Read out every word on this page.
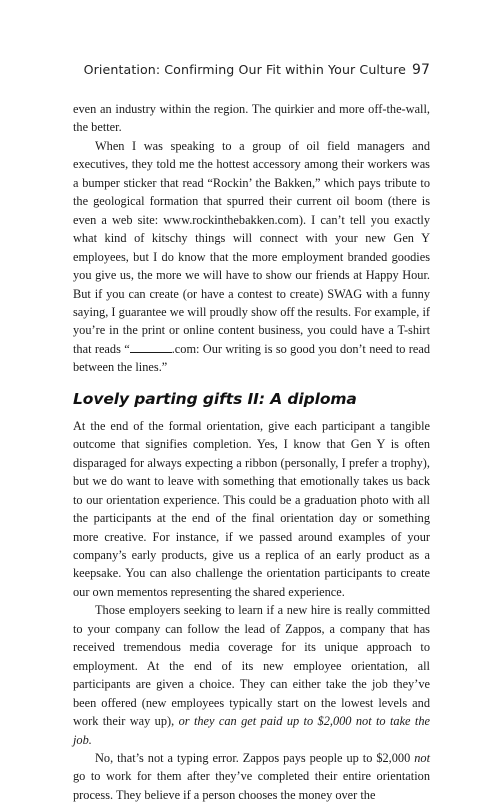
Orientation: Confirming Our Fit within Your Culture 97

even an industry within the region. The quirkier and more off-the-wall, the better.

When I was speaking to a group of oil field managers and executives, they told me the hottest accessory among their workers was a bumper sticker that read “Rockin’ the Bakken,” which pays tribute to the geological formation that spurred their current oil boom (there is even a web site: www.rockinthebakken.com). I can’t tell you exactly what kind of kitschy things will connect with your new Gen Y employees, but I do know that the more employment branded goodies you give us, the more we will have to show our friends at Happy Hour. But if you can create (or have a contest to create) SWAG with a funny saying, I guarantee we will proudly show off the results. For example, if you’re in the print or online content business, you could have a T-shirt that reads “	.com: Our writing is so good you don’t need to read between the lines.”

Lovely parting gifts II: A diploma

At the end of the formal orientation, give each participant a tangible outcome that signifies completion. Yes, I know that Gen Y is often disparaged for always expecting a ribbon (personally, I prefer a trophy), but we do want to leave with something that emotionally takes us back to our orientation experience. This could be a graduation photo with all the participants at the end of the final orientation day or something more creative. For instance, if we passed around examples of your company’s early products, give us a replica of an early product as a keepsake. You can also challenge the orientation participants to create our own mementos representing the shared experience.

Those employers seeking to learn if a new hire is really committed to your company can follow the lead of Zappos, a company that has received tremendous media coverage for its unique approach to employment. At the end of its new employee orientation, all participants are given a choice. They can either take the job they’ve been offered (new employees typically start on the lowest levels and work their way up), or they can get paid up to $2,000 not to take the job.

No, that’s not a typing error. Zappos pays people up to $2,000 not go to work for them after they’ve completed their entire orientation process. They believe if a person chooses the money over the
